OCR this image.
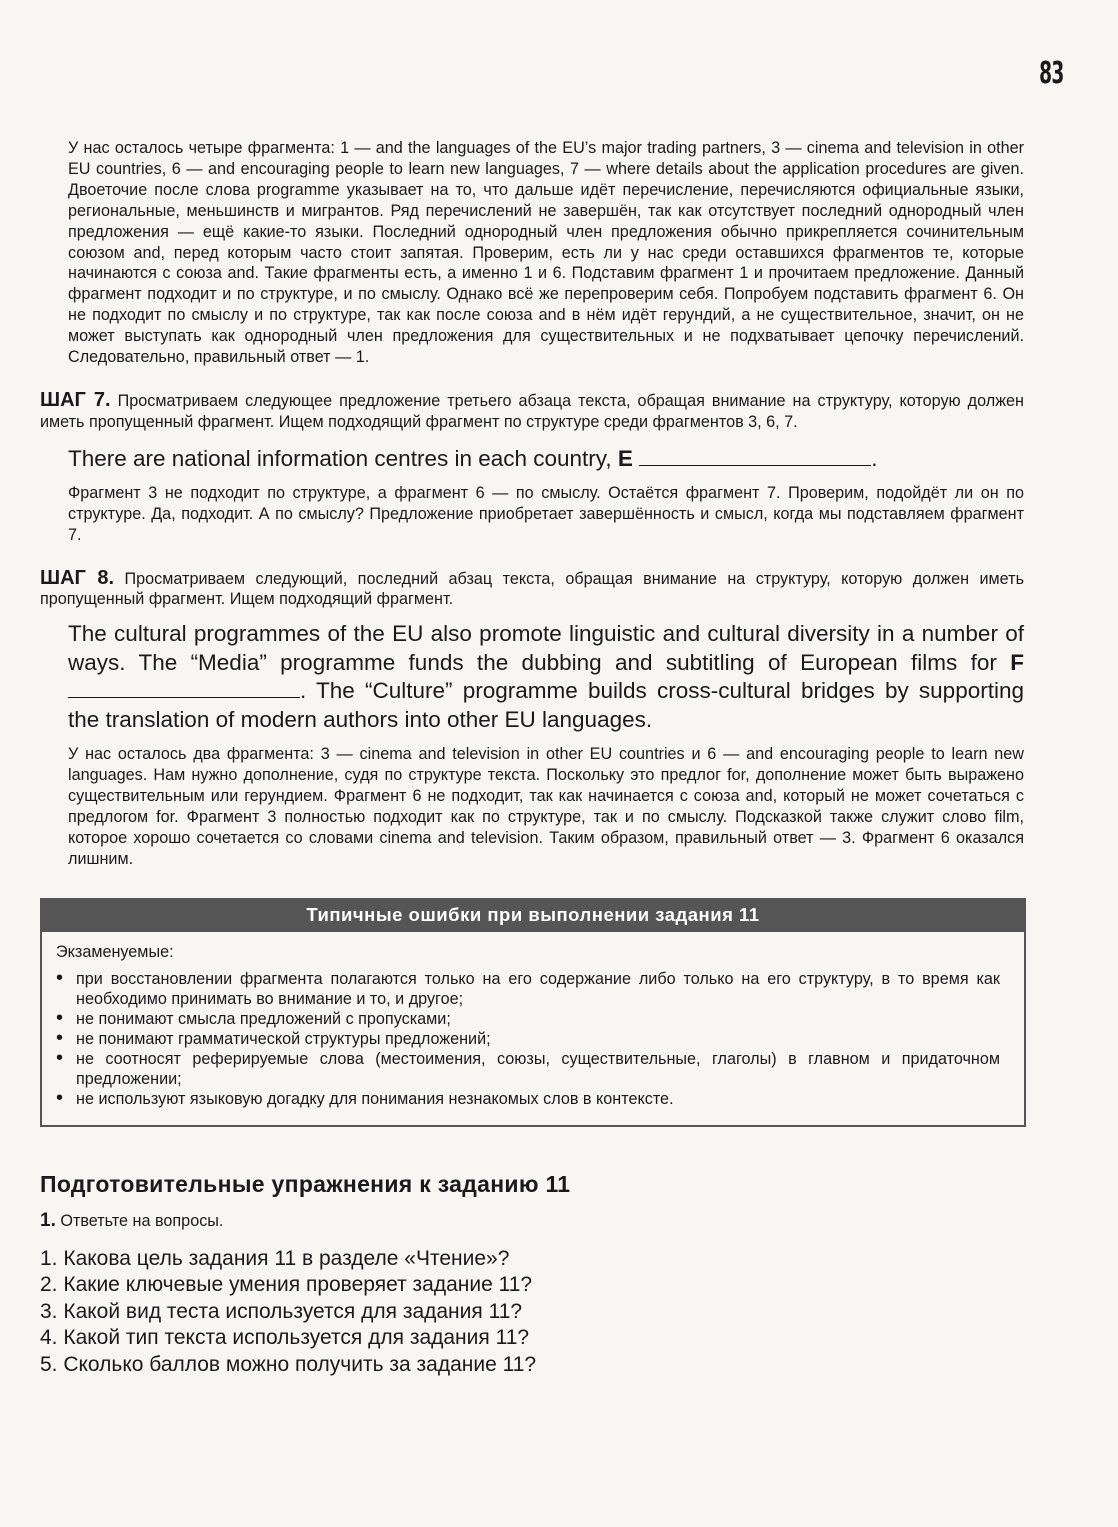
83

У нас осталось четыре фрагмента: 1 — and the languages of the EU’s major trading partners, 3 — cinema and television in other EU countries, 6 — and encouraging people to learn new languages, 7 — where details about the application procedures are given. Двоеточие после слова programme указывает на то, что дальше идёт перечисление, перечисляются официальные языки, региональные, меньшинств и мигрантов. Ряд перечислений не завершён, так как отсутствует последний однородный член предложения — ещё какие-то языки. Последний однородный член предложения обычно прикрепляется сочинительным союзом and, перед которым часто стоит запятая. Проверим, есть ли у нас среди оставшихся фрагментов те, которые начинаются с союза and. Такие фрагменты есть, а именно 1 и 6. Подставим фрагмент 1 и прочитаем предложение. Данный фрагмент подходит и по структуре, и по смыслу. Однако всё же перепроверим себя. Попробуем подставить фрагмент 6. Он не подходит по смыслу и по структуре, так как после союза and в нём идёт герундий, а не существительное, значит, он не может выступать как однородный член предложения для существительных и не подхватывает цепочку перечислений. Следовательно, правильный ответ — 1.

ШАГ 7. Просматриваем следующее предложение третьего абзаца текста, обращая внимание на структуру, которую должен иметь пропущенный фрагмент. Ищем подходящий фрагмент по структуре среди фрагментов 3, 6, 7.

There are national information centres in each country, E	.

Фрагмент 3 не подходит по структуре, а фрагмент 6 — по смыслу. Остаётся фрагмент 7. Проверим, подойдёт ли он по структуре. Да, подходит. А по смыслу? Предложение приобретает завершённость и смысл, когда мы подставляем фрагмент 7.

ШАГ 8. Просматриваем следующий, последний абзац текста, обращая внимание на структуру, которую должен иметь пропущенный фрагмент. Ищем подходящий фрагмент.

The cultural programmes of the EU also promote linguistic and cultural diversity in a number of ways. The “Media” programme funds the dubbing and subtitling of European films for F . The “Culture” programme builds cross-cultural bridges by supporting the translation of modern authors into other EU languages.

У нас осталось два фрагмента: 3 — cinema and television in other EU countries и 6 — and encouraging people to learn new languages. Нам нужно дополнение, судя по структуре текста. Поскольку это предлог for, дополнение может быть выражено существительным или герундием. Фрагмент 6 не подходит, так как начинается с союза and, который не может сочетаться с предлогом for. Фрагмент 3 полностью подходит как по структуре, так и по смыслу. Подсказкой также служит слово film, которое хорошо сочетается со словами cinema and television. Таким образом, правильный ответ — 3. Фрагмент 6 оказался лишним.

Типичные ошибки при выполнении задания 11
Экзаменуемые:
• при восстановлении фрагмента полагаются только на его содержание либо только на его структуру, в то время как необходимо принимать во внимание и то, и другое;
• не понимают смысла предложений с пропусками;
• не понимают грамматической структуры предложений;
• не соотносят реферируемые слова (местоимения, союзы, существительные, глаголы) в главном и придаточном предложении;
• не используют языковую догадку для понимания незнакомых слов в контексте.
Подготовительные упражнения к заданию 11

1. Ответьте на вопросы.

1. Какова цель задания 11 в разделе «Чтение»?
2. Какие ключевые умения проверяет задание 11?
3. Какой вид теста используется для задания 11?
4. Какой тип текста используется для задания 11?
5. Сколько баллов можно получить за задание 11?
